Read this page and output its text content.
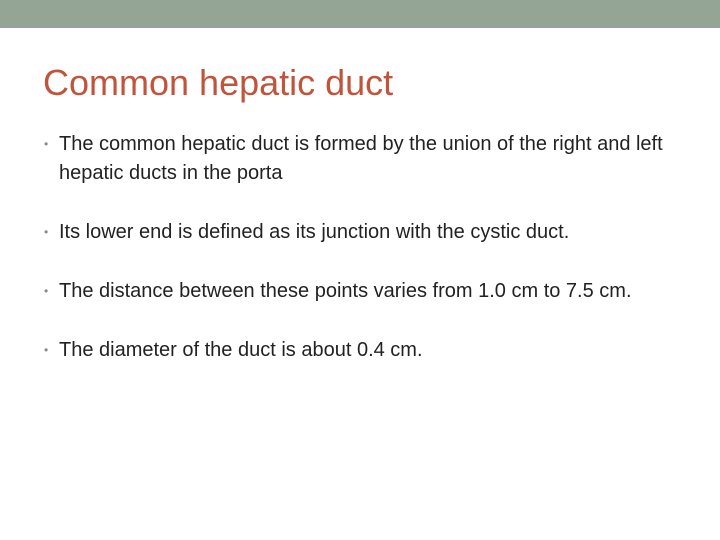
Common hepatic duct
• The common hepatic duct is formed by the union of the right and left hepatic ducts in the porta
• Its lower end is defined as its junction with the cystic duct.
• The distance between these points varies from 1.0 cm to 7.5 cm.
• The diameter of the duct is about 0.4 cm.
